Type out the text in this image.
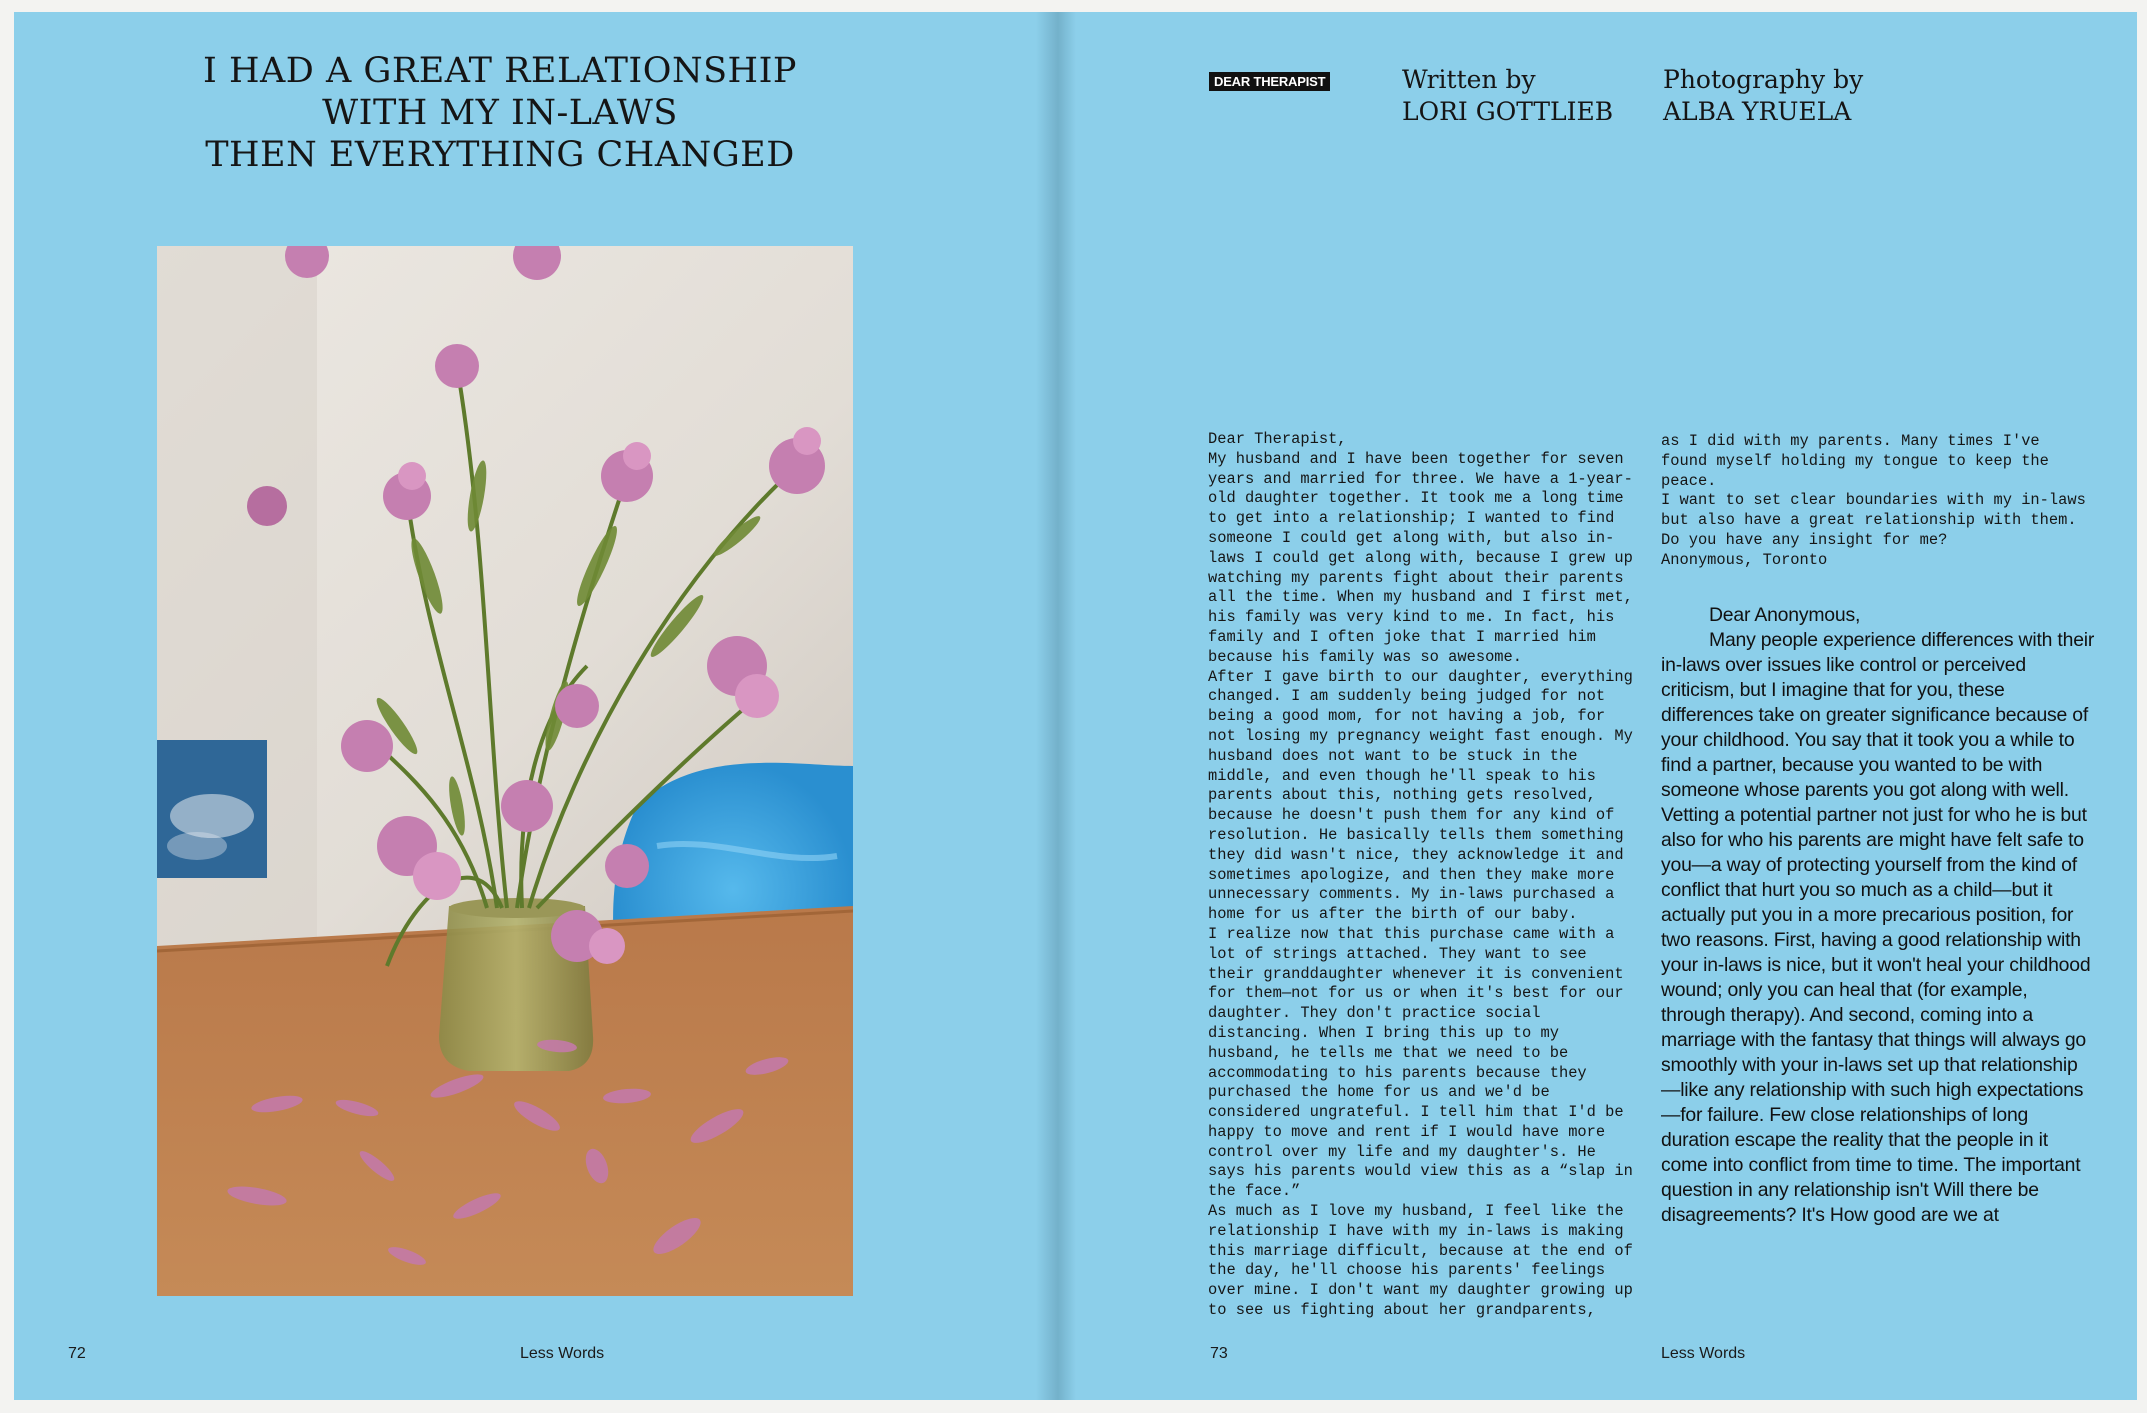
I HAD A GREAT RELATIONSHIP
WITH MY IN-LAWS
THEN EVERYTHING CHANGED
72	Less Words
DEAR THERAPIST	Written by
LORI GOTTLIEB
Photography by
ALBA YRUELA

Dear Therapist,

My husband and I have been together for seven years and married for three. We have a 1-year-old daughter together. It took me a long time to get into a relationship; I wanted to find someone I could get along with, but also in-laws I could get along with, because I grew up watching my parents fight about their parents all the time. When my husband and I first met, his family was very kind to me. In fact, his family and I often joke that I married him because his family was so awesome.

After I gave birth to our daughter, everything changed. I am suddenly being judged for not being a good mom, for not having a job, for not losing my pregnancy weight fast enough. My husband does not want to be stuck in the middle, and even though he'll speak to his parents about this, nothing gets resolved, because he doesn't push them for any kind of resolution. He basically tells them something they did wasn't nice, they acknowledge it and sometimes apologize, and then they make more unnecessary comments. My in-laws purchased a home for us after the birth of our baby.

I realize now that this purchase came with a lot of strings attached. They want to see their granddaughter whenever it is convenient for them—not for us or when it's best for our daughter. They don't practice social distancing. When I bring this up to my husband, he tells me that we need to be accommodating to his parents because they purchased the home for us and we'd be considered ungrateful. I tell him that I'd be happy to move and rent if I would have more control over my life and my daughter's. He says his parents would view this as a “slap in the face.”

As much as I love my husband, I feel like the relationship I have with my in-laws is making this marriage difficult, because at the end of the day, he'll choose his parents' feelings over mine. I don't want my daughter growing up to see us fighting about her grandparents,

as I did with my parents. Many times I've found myself holding my tongue to keep the peace.

I want to set clear boundaries with my in-laws but also have a great relationship with them.

Do you have any insight for me?

Anonymous, Toronto

Dear Anonymous,

Many people experience differences with their in-laws over issues like control or perceived criticism, but I imagine that for you, these differences take on greater significance because of your childhood. You say that it took you a while to find a partner, because you wanted to be with someone whose parents you got along with well. Vetting a potential partner not just for who he is but also for who his parents are might have felt safe to you—a way of protecting yourself from the kind of conflict that hurt you so much as a child—but it actually put you in a more precarious position, for two reasons. First, having a good relationship with your in-laws is nice, but it won't heal your childhood wound; only you can heal that (for example, through therapy). And second, coming into a marriage with the fantasy that things will always go smoothly with your in-laws set up that relationship—like any relationship with such high expectations—for failure. Few close relationships of long duration escape the reality that the people in it come into conflict from time to time. The important question in any relationship isn't Will there be disagreements? It's How good are we at

73	Less Words
